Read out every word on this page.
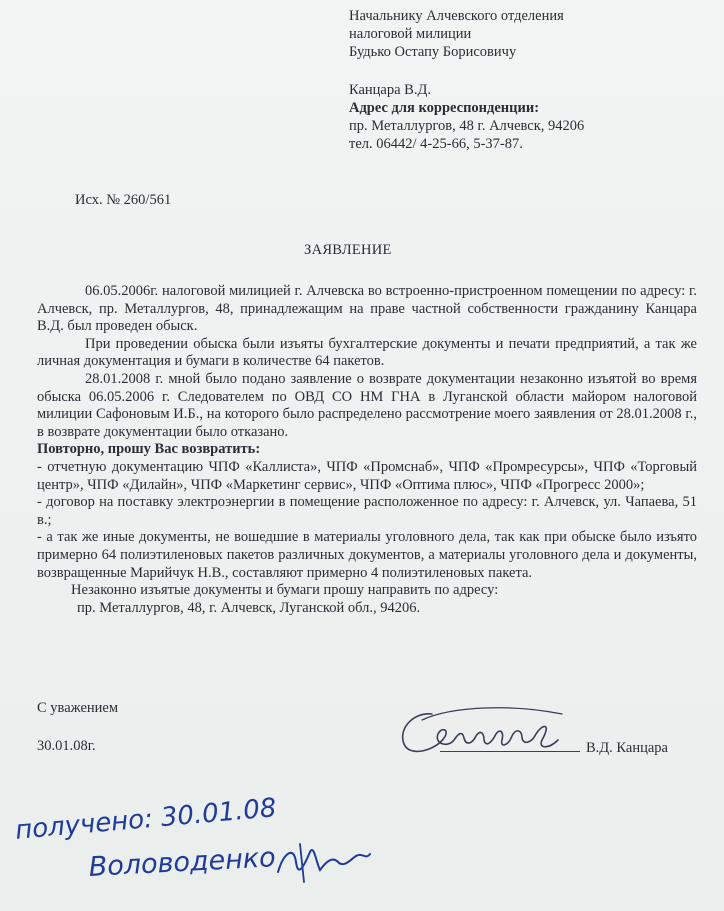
Начальнику Алчевского отделения
налоговой милиции
Будько Остапу Борисовичу
Канцара В.Д.
Адрес для корреспонденции:
пр. Металлургов, 48 г. Алчевск, 94206
тел. 06442/ 4-25-66, 5-37-87.
Исх. № 260/561
ЗАЯВЛЕНИЕ

06.05.2006г. налоговой милицией г. Алчевска во встроенно-пристроенном помещении по адресу: г. Алчевск, пр. Металлургов, 48, принадлежащим на праве частной собственности гражданину Канцара В.Д. был проведен обыск.

При проведении обыска были изъяты бухгалтерские документы и печати предприятий, а так же личная документация и бумаги в количестве 64 пакетов.

28.01.2008 г. мной было подано заявление о возврате документации незаконно изъятой во время обыска 06.05.2006 г. Следователем по ОВД СО НМ ГНА в Луганской области майором налоговой милиции Сафоновым И.Б., на которого было распределено рассмотрение моего заявления от 28.01.2008 г., в возврате документации было отказано.

Повторно, прошу Вас возвратить:

- отчетную документацию ЧПФ «Каллиста», ЧПФ «Промснаб», ЧПФ «Промресурсы», ЧПФ «Торговый центр», ЧПФ «Дилайн», ЧПФ «Маркетинг сервис», ЧПФ «Оптима плюс», ЧПФ «Прогресс 2000»;

- договор на поставку электроэнергии в помещение расположенное по адресу: г. Алчевск, ул. Чапаева, 51 в.;

- а так же иные документы, не вошедшие в материалы уголовного дела, так как при обыске было изъято примерно 64 полиэтиленовых пакетов различных документов, а материалы уголовного дела и документы, возвращенные Марийчук Н.В., составляют примерно 4 полиэтиленовых пакета.

Незаконно изъятые документы и бумаги прошу направить по адресу:

пр. Металлургов, 48, г. Алчевск, Луганской обл., 94206.

С уважением
30.01.08г.	В.Д. Канцара
получено: 30.01.08
Воловоденко
